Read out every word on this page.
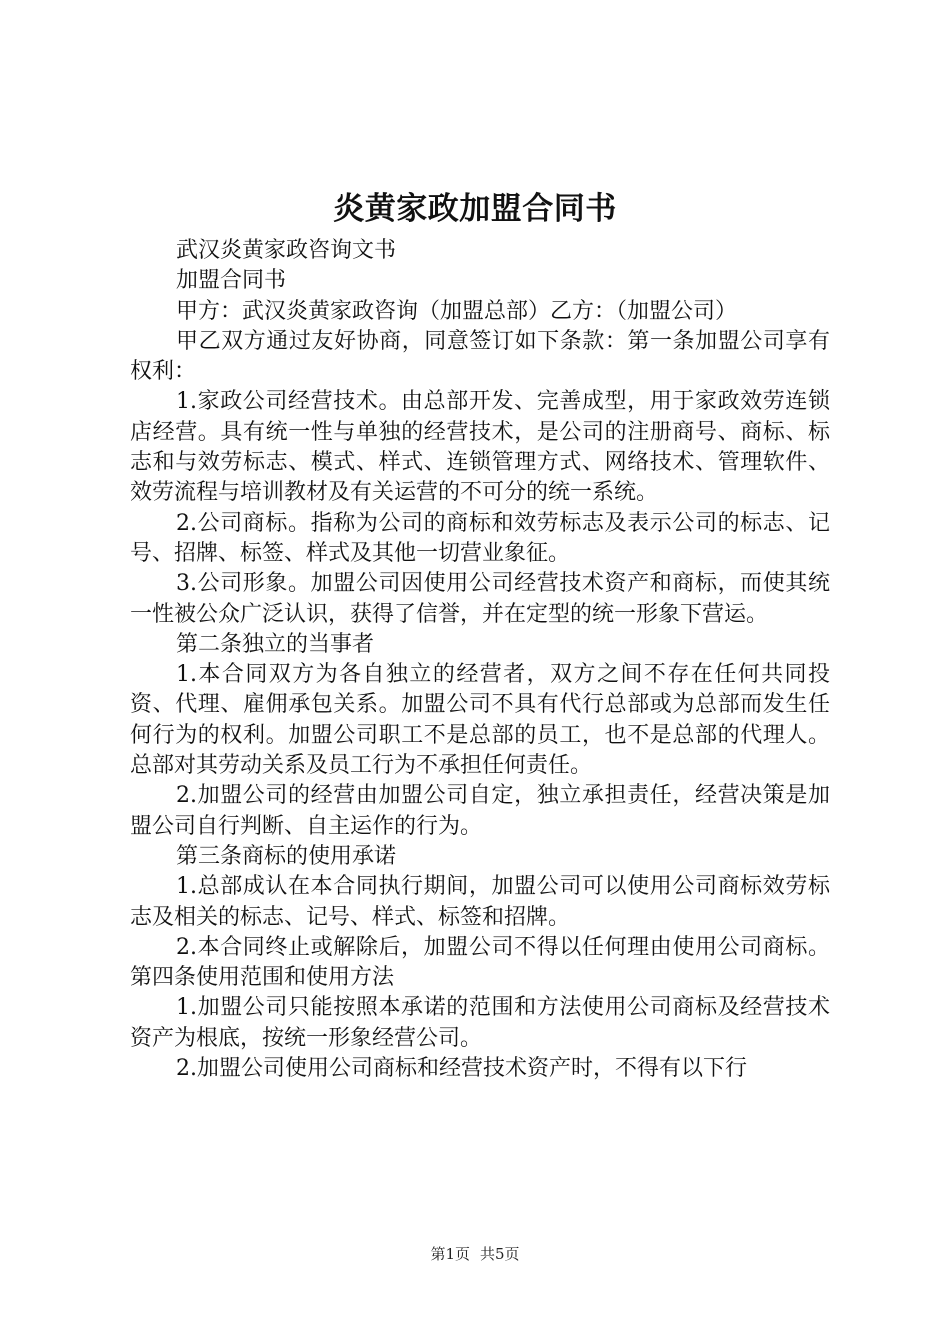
炎黄家政加盟合同书

武汉炎黄家政咨询文书

加盟合同书

甲方：武汉炎黄家政咨询（加盟总部）乙方：（加盟公司）

甲乙双方通过友好协商，同意签订如下条款：第一条加盟公司享有权利：

1.家政公司经营技术。由总部开发、完善成型，用于家政效劳连锁店经营。具有统一性与单独的经营技术，是公司的注册商号、商标、标志和与效劳标志、模式、样式、连锁管理方式、网络技术、管理软件、效劳流程与培训教材及有关运营的不可分的统一系统。

2.公司商标。指称为公司的商标和效劳标志及表示公司的标志、记号、招牌、标签、样式及其他一切营业象征。

3.公司形象。加盟公司因使用公司经营技术资产和商标，而使其统一性被公众广泛认识，获得了信誉，并在定型的统一形象下营运。

第二条独立的当事者

1.本合同双方为各自独立的经营者，双方之间不存在任何共同投资、代理、雇佣承包关系。加盟公司不具有代行总部或为总部而发生任何行为的权利。加盟公司职工不是总部的员工，也不是总部的代理人。总部对其劳动关系及员工行为不承担任何责任。

2.加盟公司的经营由加盟公司自定，独立承担责任，经营决策是加盟公司自行判断、自主运作的行为。

第三条商标的使用承诺

1.总部成认在本合同执行期间，加盟公司可以使用公司商标效劳标志及相关的标志、记号、样式、标签和招牌。

2.本合同终止或解除后，加盟公司不得以任何理由使用公司商标。第四条使用范围和使用方法

1.加盟公司只能按照本承诺的范围和方法使用公司商标及经营技术资产为根底，按统一形象经营公司。

2.加盟公司使用公司商标和经营技术资产时，不得有以下行

第1页 共5页
